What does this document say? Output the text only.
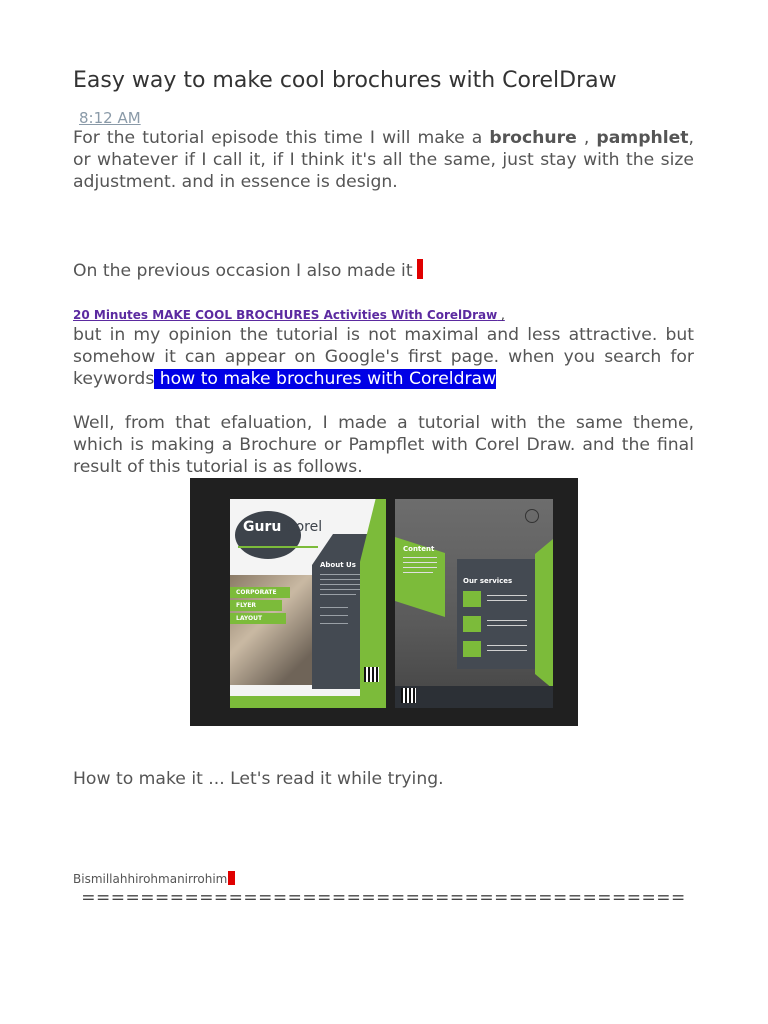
Easy way to make cool brochures with CorelDraw
8:12 AM

For the tutorial episode this time I will make a brochure , pamphlet, or whatever if I call it, if I think it's all the same, just stay with the size adjustment. and in essence is design.

On the previous occasion I also made it

20 Minutes MAKE COOL BROCHURES Activities With CorelDraw ,

but in my opinion the tutorial is not maximal and less attractive. but somehow it can appear on Google's first page. when you search for keywords how to make brochures with Coreldraw

Well, from that efaluation, I made a tutorial with the same theme, which is making a Brochure or Pampflet with Corel Draw. and the final result of this tutorial is as follows.

Guru Corel
CORPORATE
FLYER
LAYOUT
About Us
Content
Our services

How to make it ... Let's read it while trying.

Bismillahhirohmanirrohim

=========================================
